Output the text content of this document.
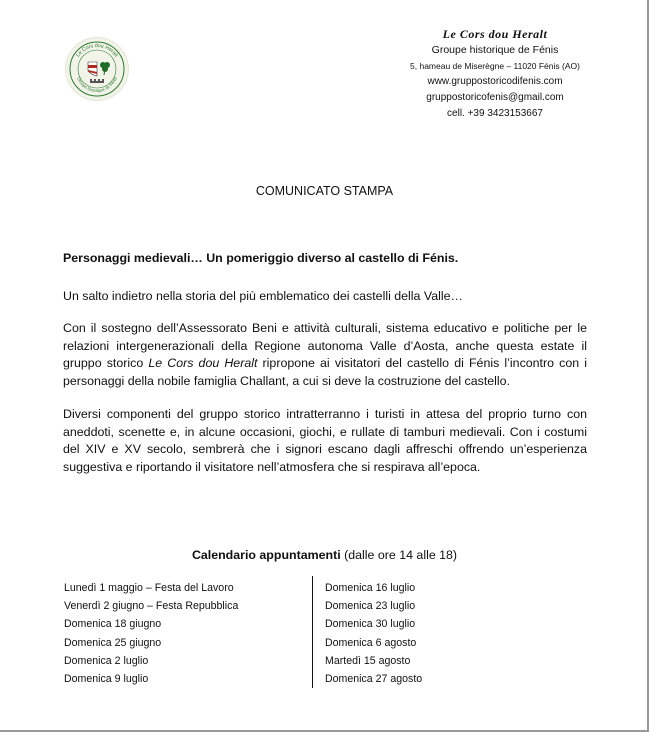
Le Cors dou Heralt
Groupe historique de Fénis
Le Cors dou Heralt
Groupe historique de Fénis
5, hameau de Miserègne – 11020 Fénis (AO)
www.gruppostoricodifenis.com
gruppostoricofenis@gmail.com
cell. +39 3423153667
COMUNICATO STAMPA
Personaggi medievali… Un pomeriggio diverso al castello di Fénis.
Un salto indietro nella storia del più emblematico dei castelli della Valle…
Con il sostegno dell’Assessorato Beni e attività culturali, sistema educativo e politiche per le relazioni intergenerazionali della Regione autonoma Valle d’Aosta, anche questa estate il gruppo storico Le Cors dou Heralt ripropone ai visitatori del castello di Fénis l’incontro con i personaggi della nobile famiglia Challant, a cui si deve la costruzione del castello.
Diversi componenti del gruppo storico intratterranno i turisti in attesa del proprio turno con aneddoti, scenette e, in alcune occasioni, giochi, e rullate di tamburi medievali. Con i costumi del XIV e XV secolo, sembrerà che i signori escano dagli affreschi offrendo un’esperienza suggestiva e riportando il visitatore nell’atmosfera che si respirava all’epoca.
Calendario appuntamenti (dalle ore 14 alle 18)
Lunedì 1 maggio – Festa del Lavoro
Venerdì 2 giugno – Festa Repubblica
Domenica 18 giugno
Domenica 25 giugno
Domenica 2 luglio
Domenica 9 luglio
Domenica 16 luglio
Domenica 23 luglio
Domenica 30 luglio
Domenica 6 agosto
Martedì 15 agosto
Domenica 27 agosto
